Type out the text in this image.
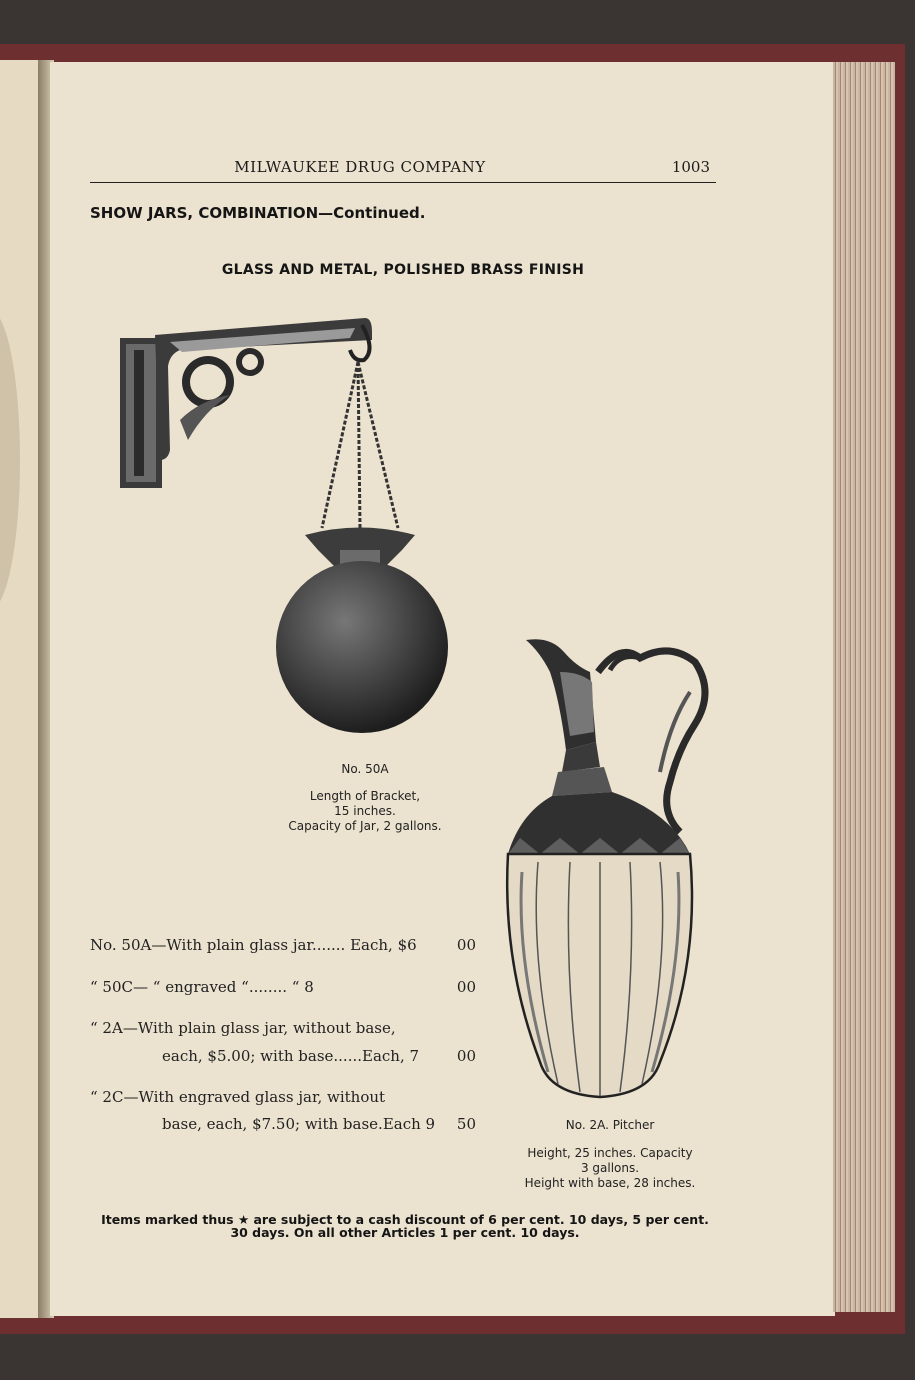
MILWAUKEE DRUG COMPANY	1003
SHOW JARS, COMBINATION—Continued.
GLASS AND METAL, POLISHED BRASS FINISH
No. 50A
Length of Bracket,
15 inches.
Capacity of Jar, 2 gallons.
No. 2A. Pitcher
Height, 25 inches. Capacity
3 gallons.
Height with base, 28 inches.
No. 50A—With plain glass jar....... Each, $6	00
“ 50C— “ engraved “........ “ 8	00
“ 2A—With plain glass jar, without base,
each, $5.00; with base......Each, 7	00
“ 2C—With engraved glass jar, without
base, each, $7.50; with base.Each 9 50
Items marked thus ★ are subject to a cash discount of 6 per cent. 10 days, 5 per cent.
30 days. On all other Articles 1 per cent. 10 days.
